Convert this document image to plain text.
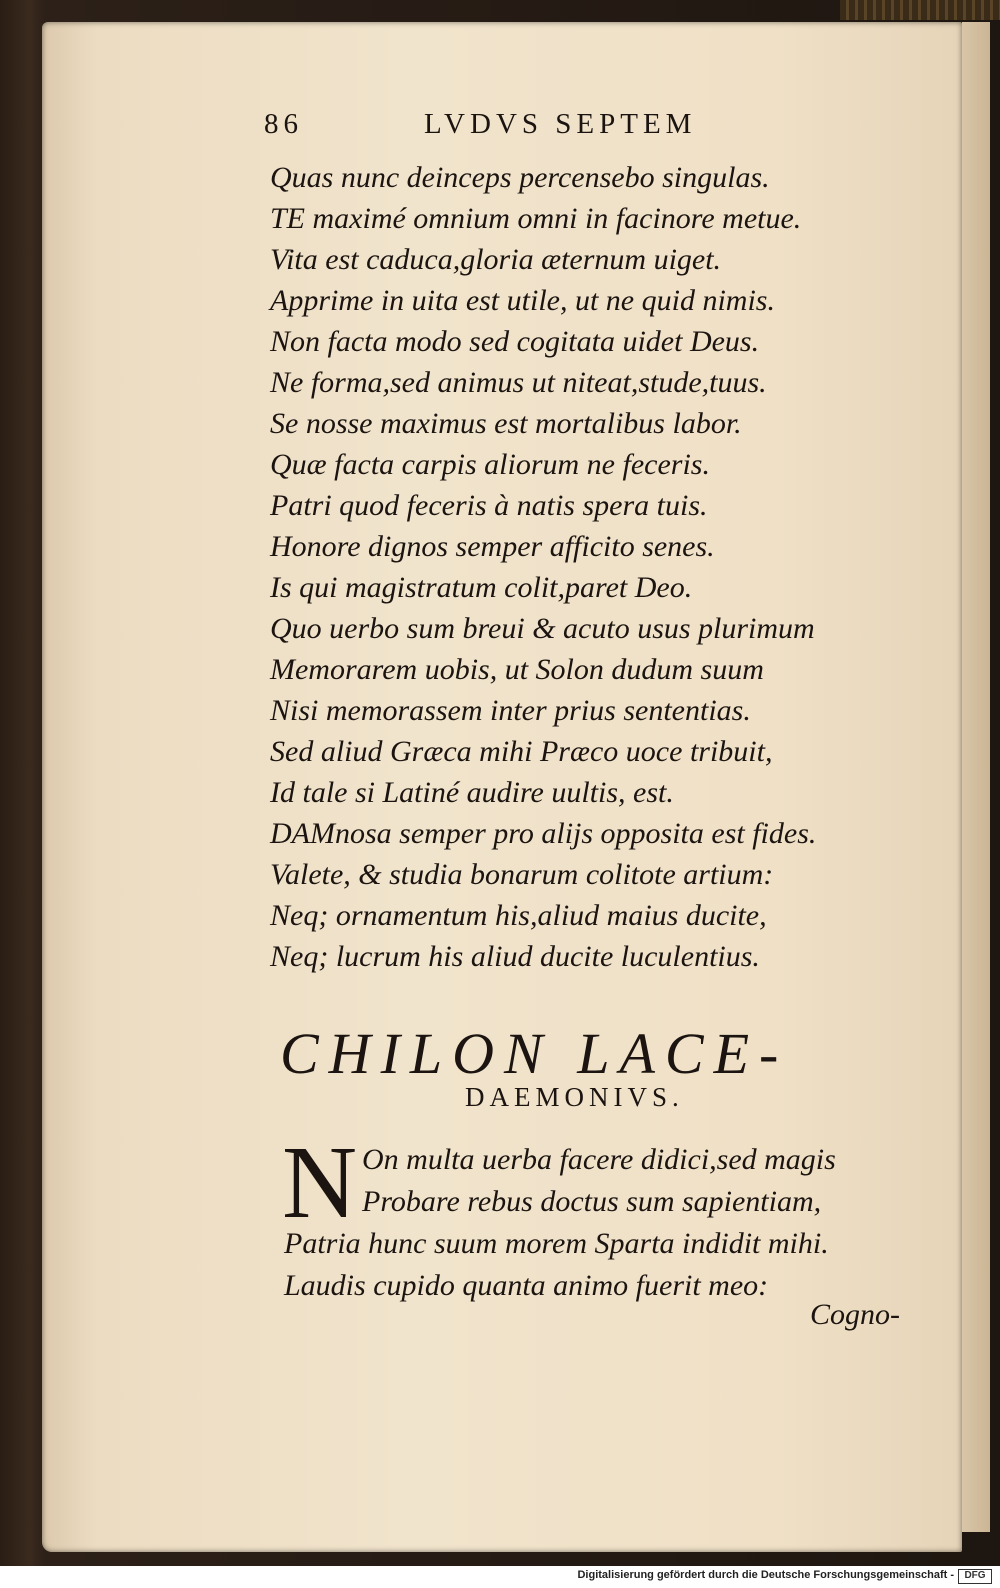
86	LVDVS SEPTEM
Quas nunc deinceps percensebo singulas.
TE maximé omnium omni in facinore metue.
Vita est caduca,gloria æternum uiget.
Apprime in uita est utile, ut ne quid nimis.
Non facta modo sed cogitata uidet Deus.
Ne forma,sed animus ut niteat,stude,tuus.
Se nosse maximus est mortalibus labor.
Quæ facta carpis aliorum ne feceris.
Patri quod feceris à natis spera tuis.
Honore dignos semper afficito senes.
Is qui magistratum colit,paret Deo.
Quo uerbo sum breui & acuto usus plurimum
Memorarem uobis, ut Solon dudum suum
Nisi memorassem inter prius sententias.
Sed aliud Græca mihi Præco uoce tribuit,
Id tale si Latiné audire uultis, est.
DAMnosa semper pro alijs opposita est fides.
Valete, & studia bonarum colitote artium:
Neq; ornamentum his,aliud maius ducite,
Neq; lucrum his aliud ducite luculentius.
CHILON LACE-
DAEMONIVS.
N On multa uerba facere didici,sed magis
Probare rebus doctus sum sapientiam,
Patria hunc suum morem Sparta indidit mihi.
Laudis cupido quanta animo fuerit meo:
Cogno-
Digitalisierung gefördert durch die Deutsche Forschungsgemeinschaft -	DFG
